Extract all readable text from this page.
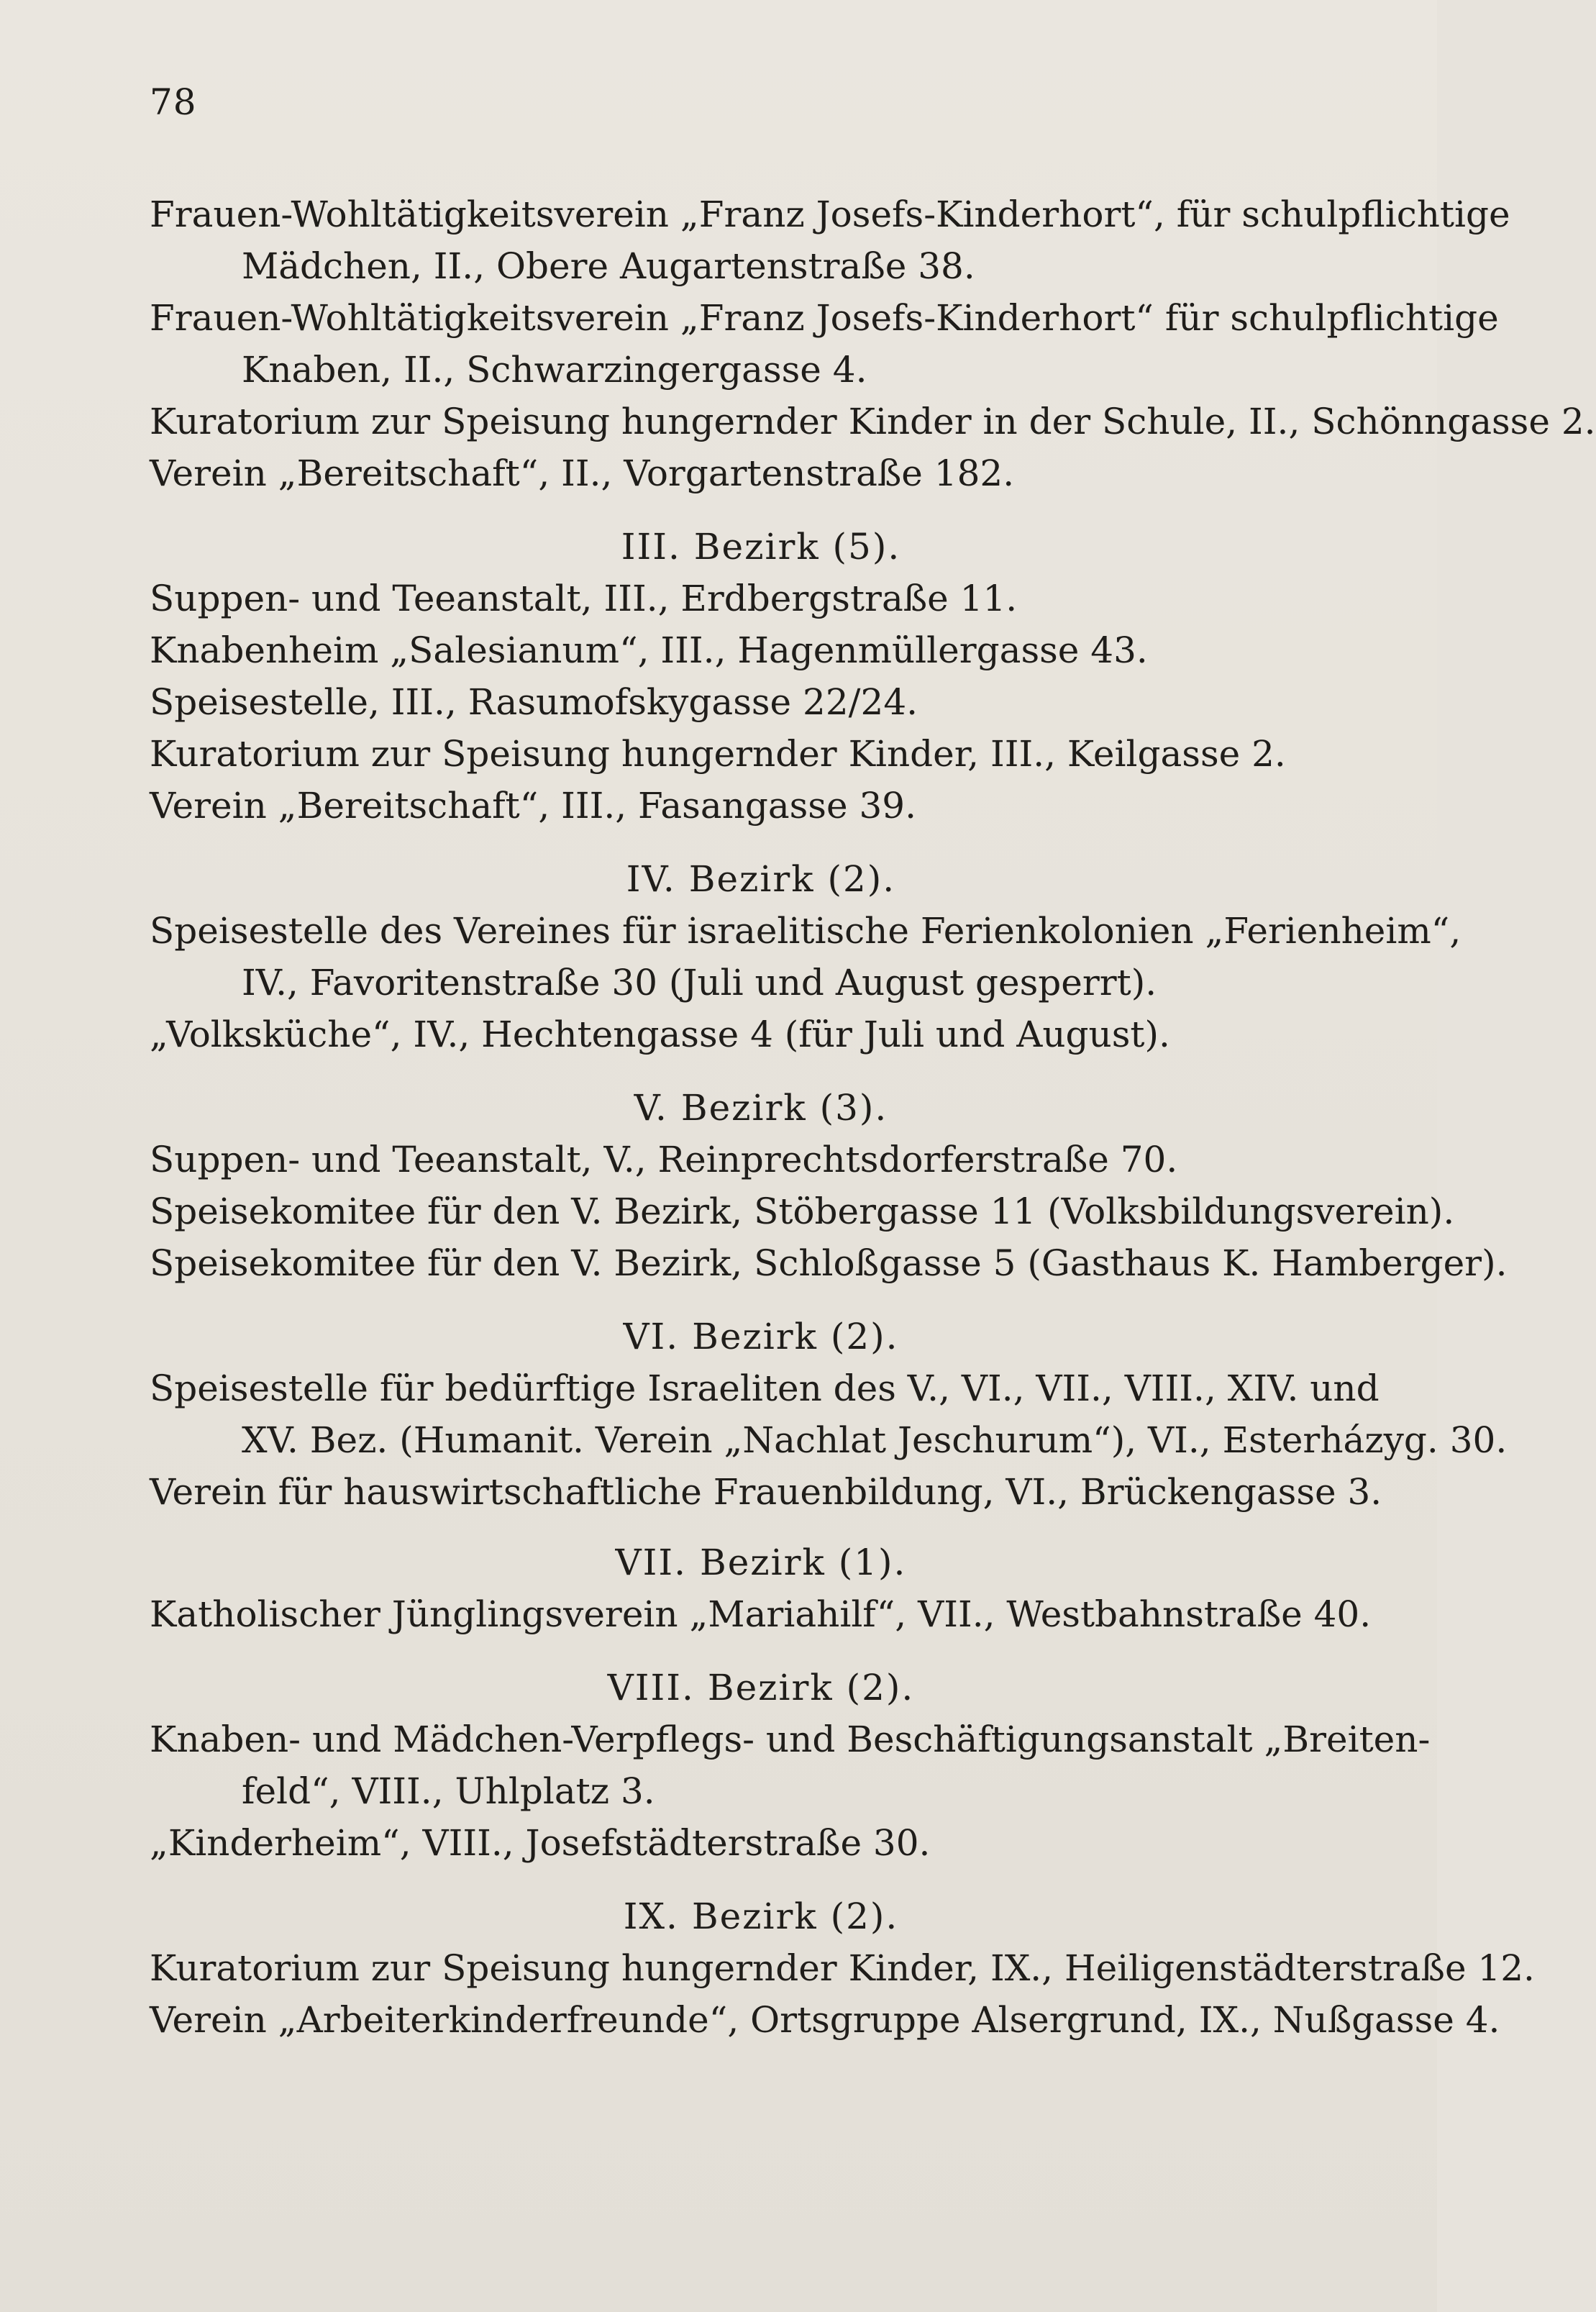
78
Frauen-Wohltätigkeitsverein „Franz Josefs-Kinderhort“, für schulpflichtige
Mädchen, II., Obere Augartenstraße 38.
Frauen-Wohltätigkeitsverein „Franz Josefs-Kinderhort“ für schulpflichtige
Knaben, II., Schwarzingergasse 4.
Kuratorium zur Speisung hungernder Kinder in der Schule, II., Schönngasse 2.
Verein „Bereitschaft“, II., Vorgartenstraße 182.
III. Bezirk (5).
Suppen- und Teeanstalt, III., Erdbergstraße 11.
Knabenheim „Salesianum“, III., Hagenmüllergasse 43.
Speisestelle, III., Rasumofskygasse 22/24.
Kuratorium zur Speisung hungernder Kinder, III., Keilgasse 2.
Verein „Bereitschaft“, III., Fasangasse 39.
IV. Bezirk (2).
Speisestelle des Vereines für israelitische Ferienkolonien „Ferienheim“,
IV., Favoritenstraße 30 (Juli und August gesperrt).
„Volksküche“, IV., Hechtengasse 4 (für Juli und August).
V. Bezirk (3).
Suppen- und Teeanstalt, V., Reinprechtsdorferstraße 70.
Speisekomitee für den V. Bezirk, Stöbergasse 11 (Volksbildungsverein).
Speisekomitee für den V. Bezirk, Schloßgasse 5 (Gasthaus K. Hamberger).
VI. Bezirk (2).
Speisestelle für bedürftige Israeliten des V., VI., VII., VIII., XIV. und
XV. Bez. (Humanit. Verein „Nachlat Jeschurum“), VI., Esterházyg. 30.
Verein für hauswirtschaftliche Frauenbildung, VI., Brückengasse 3.
VII. Bezirk (1).
Katholischer Jünglingsverein „Mariahilf“, VII., Westbahnstraße 40.
VIII. Bezirk (2).
Knaben- und Mädchen-Verpflegs- und Beschäftigungsanstalt „Breiten-
feld“, VIII., Uhlplatz 3.
„Kinderheim“, VIII., Josefstädterstraße 30.
IX. Bezirk (2).
Kuratorium zur Speisung hungernder Kinder, IX., Heiligenstädterstraße 12.
Verein „Arbeiterkinderfreunde“, Ortsgruppe Alsergrund, IX., Nußgasse 4.
